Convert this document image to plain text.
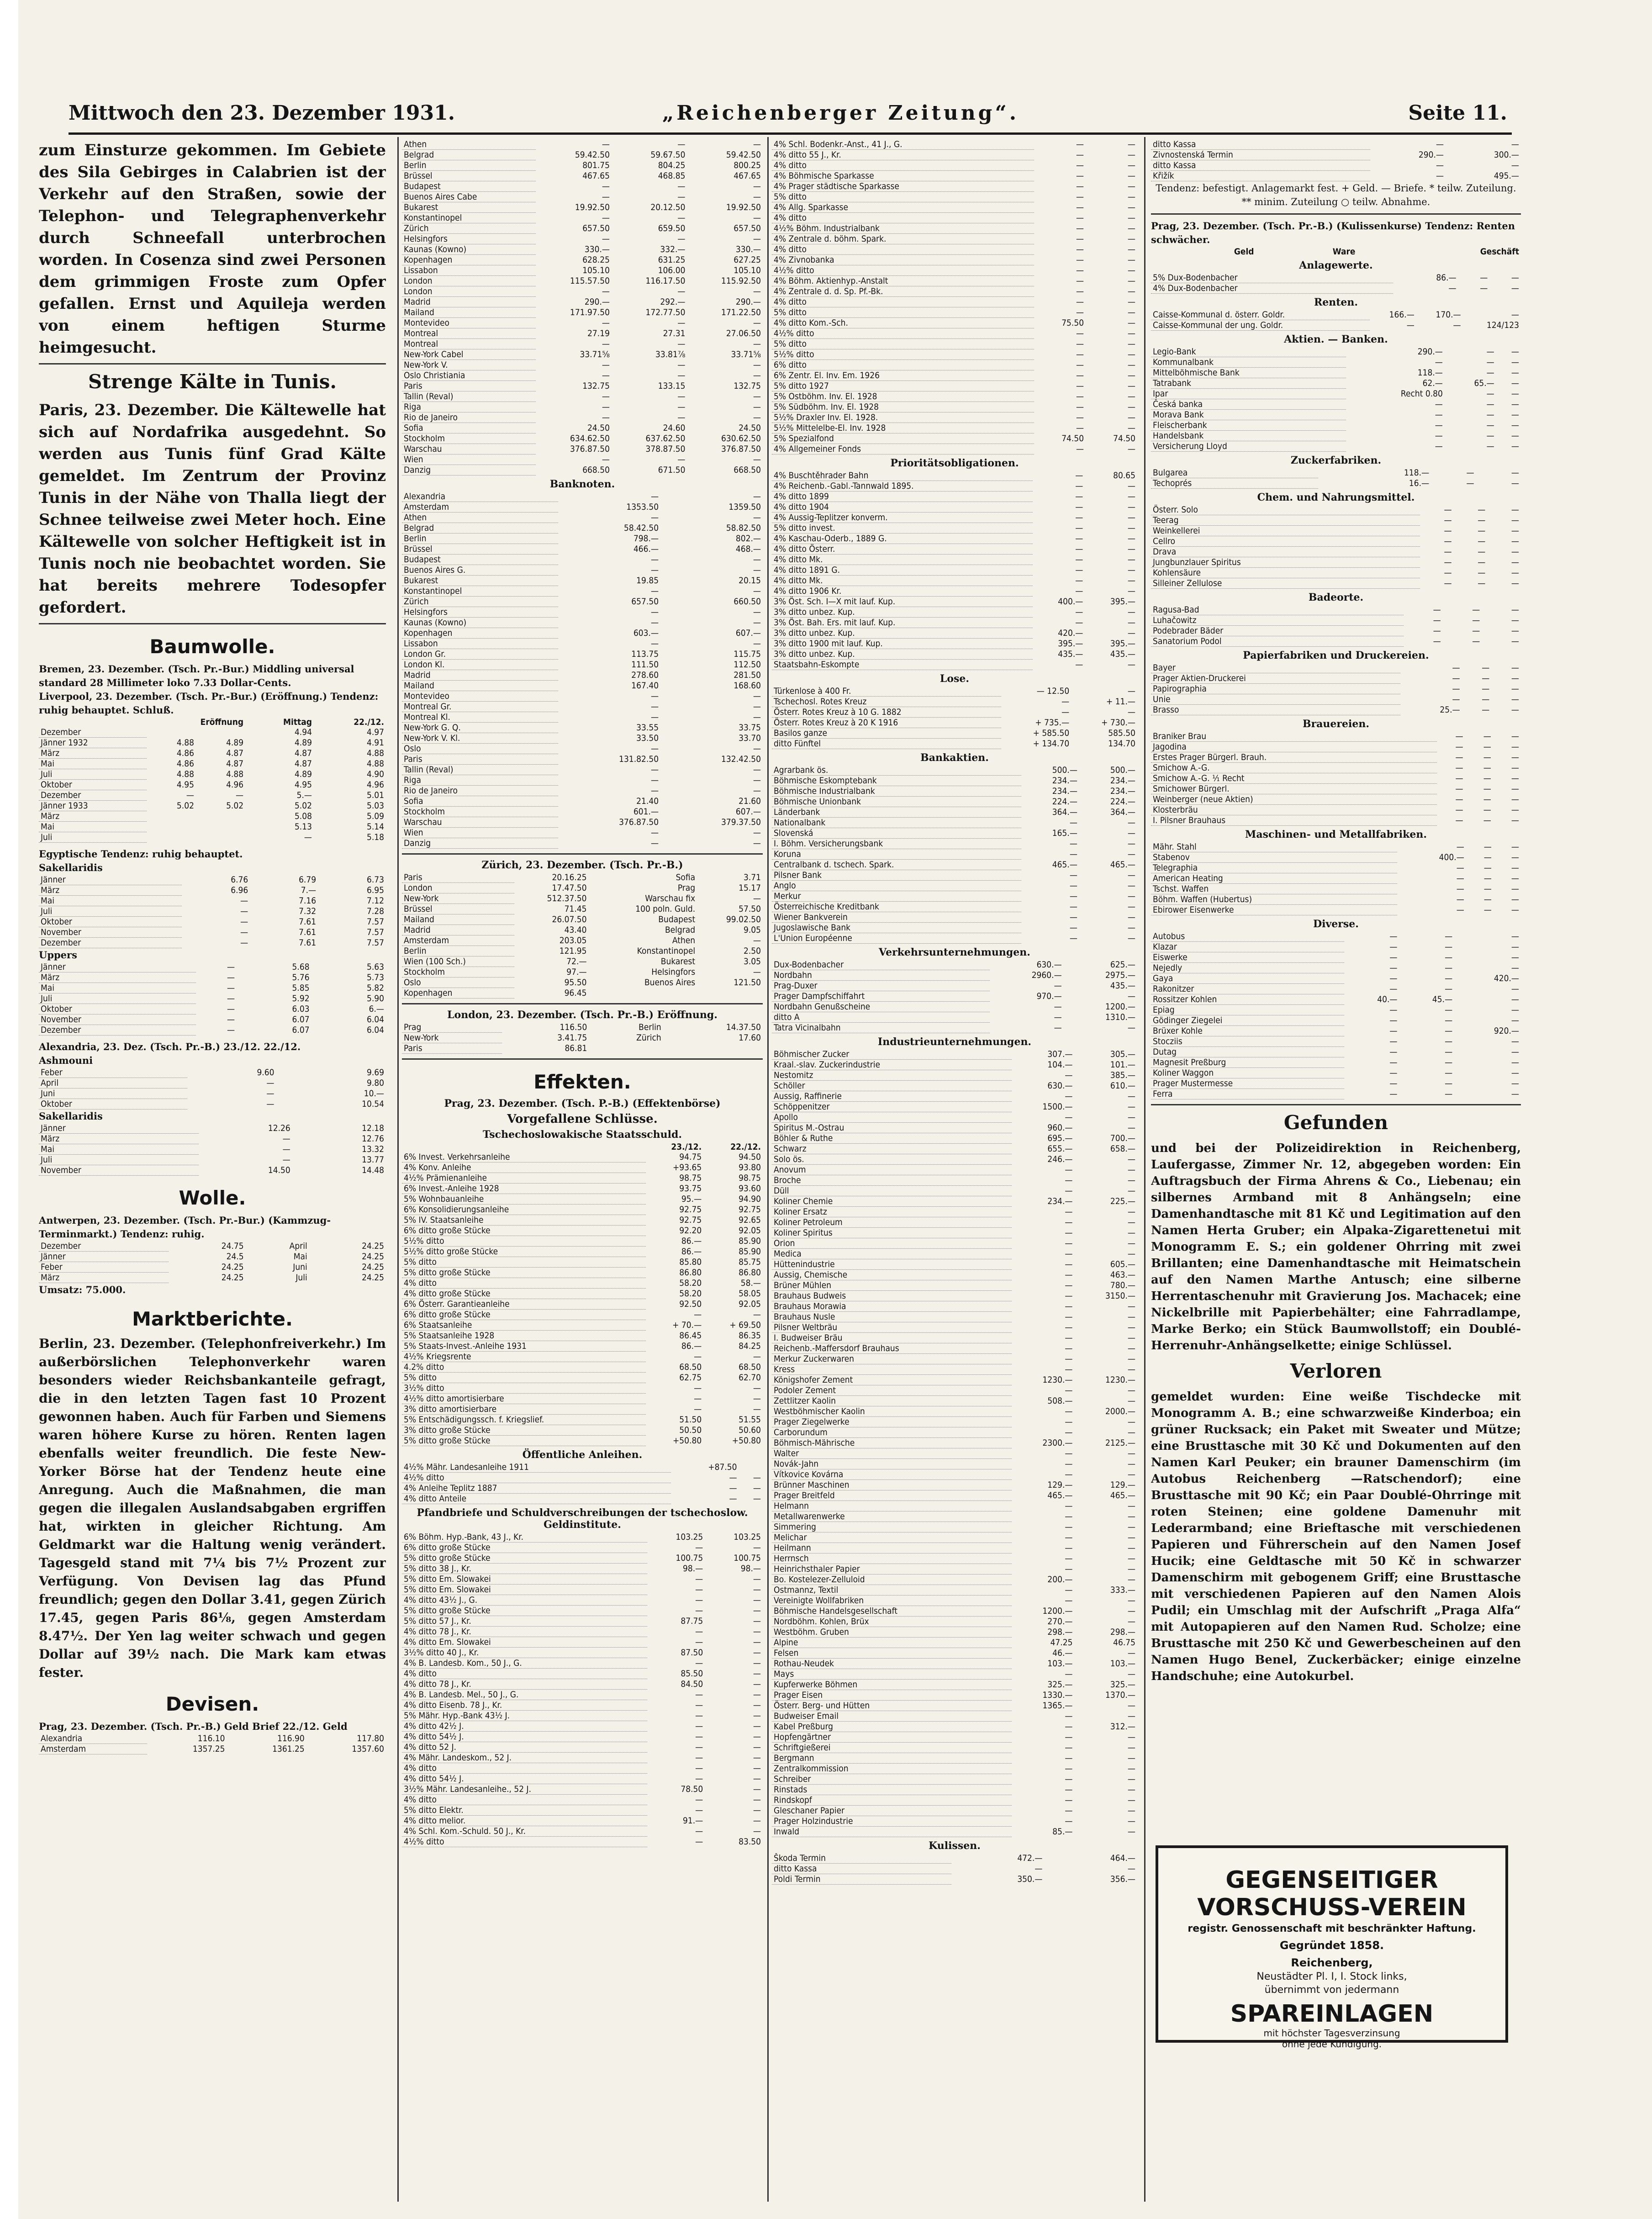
Mittwoch den 23. Dezember 1931.	„Reichenberger Zeitung“.	Seite 11.
zum Einsturze gekommen. Im Gebiete des Sila Gebirges in Calabrien ist der Verkehr auf den Straßen, sowie der Telephon- und Telegraphenverkehr durch Schneefall unterbrochen worden. In Cosenza sind zwei Personen dem grimmigen Froste zum Opfer gefallen. Ernst und Aquileja werden von einem heftigen Sturme heimgesucht.
Strenge Kälte in Tunis.
Paris, 23. Dezember. Die Kältewelle hat sich auf Nordafrika ausgedehnt. So werden aus Tunis fünf Grad Kälte gemeldet. Im Zentrum der Provinz Tunis in der Nähe von Thalla liegt der Schnee teilweise zwei Meter hoch. Eine Kältewelle von solcher Heftigkeit ist in Tunis noch nie beobachtet worden. Sie hat bereits mehrere Todesopfer gefordert.
Baumwolle.
Bremen, 23. Dezember. (Tsch. Pr.-Bur.) Middling universal standard 28 Millimeter loko 7.33 Dollar-Cents.
Liverpool, 23. Dezember. (Tsch. Pr.-Bur.) (Eröffnung.) Tendenz: ruhig behauptet. Schluß.
	Eröffnung		Mittag	22./12.
Dezember			4.94	4.97
Jänner 1932	4.88	4.89	4.89	4.91
März	4.86	4.87	4.87	4.88
Mai	4.86	4.87	4.87	4.88
Juli	4.88	4.88	4.89	4.90
Oktober	4.95	4.96	4.95	4.96
Dezember	—	—	5.—	5.01
Jänner 1933	5.02	5.02	5.02	5.03
März			5.08	5.09
Mai			5.13	5.14
Juli			—	5.18
Egyptische Tendenz: ruhig behauptet.
Sakellaridis
Jänner	6.76	6.79	6.73
März	6.96	7.—	6.95
Mai	—	7.16	7.12
Juli	—	7.32	7.28
Oktober	—	7.61	7.57
November	—	7.61	7.57
Dezember	—	7.61	7.57
Uppers
Jänner	—	5.68	5.63
März	—	5.76	5.73
Mai	—	5.85	5.82
Juli	—	5.92	5.90
Oktober	—	6.03	6.—
November	—	6.07	6.04
Dezember	—	6.07	6.04
Alexandria, 23. Dez. (Tsch. Pr.-B.) 23./12. 22./12.
Ashmouni
Feber	9.60	9.69
April	—	9.80
Juni	—	10.—
Oktober	—	10.54
Sakellaridis
Jänner	12.26	12.18
März	—	12.76
Mai	—	13.32
Juli	—	13.77
November	14.50	14.48
Wolle.
Antwerpen, 23. Dezember. (Tsch. Pr.-Bur.) (Kammzug-Terminmarkt.) Tendenz: ruhig.
Dezember	24.75	April	24.25
Jänner	24.5	Mai	24.25
Feber	24.25	Juni	24.25
März	24.25	Juli	24.25
Umsatz: 75.000.
Marktberichte.
Berlin, 23. Dezember. (Telephonfreiverkehr.) Im außerbörslichen Telephonverkehr waren besonders wieder Reichsbankanteile gefragt, die in den letzten Tagen fast 10 Prozent gewonnen haben. Auch für Farben und Siemens waren höhere Kurse zu hören. Renten lagen ebenfalls weiter freundlich. Die feste New-Yorker Börse hat der Tendenz heute eine Anregung. Auch die Maßnahmen, die man gegen die illegalen Auslandsabgaben ergriffen hat, wirkten in gleicher Richtung. Am Geldmarkt war die Haltung wenig verändert. Tagesgeld stand mit 7¼ bis 7½ Prozent zur Verfügung. Von Devisen lag das Pfund freundlich; gegen den Dollar 3.41, gegen Zürich 17.45, gegen Paris 86⅛, gegen Amsterdam 8.47½. Der Yen lag weiter schwach und gegen Dollar auf 39½ nach. Die Mark kam etwas fester.
Devisen.
Prag, 23. Dezember. (Tsch. Pr.-B.) Geld Brief 22./12. Geld
Alexandria	116.10	116.90	117.80
Amsterdam	1357.25	1361.25	1357.60
Athen	—	—	—
Belgrad	59.42.50	59.67.50	59.42.50
Berlin	801.75	804.25	800.25
Brüssel	467.65	468.85	467.65
Budapest	—	—	—
Buenos Aires Cabe	—	—	—
Bukarest	19.92.50	20.12.50	19.92.50
Konstantinopel	—	—	—
Zürich	657.50	659.50	657.50
Helsingfors	—	—	—
Kaunas (Kowno)	330.—	332.—	330.—
Kopenhagen	628.25	631.25	627.25
Lissabon	105.10	106.00	105.10
London	115.57.50	116.17.50	115.92.50
London	—	—	—
Madrid	290.—	292.—	290.—
Mailand	171.97.50	172.77.50	171.22.50
Montevideo	—	—	—
Montreal	27.19	27.31	27.06.50
Montreal	—	—	—
New-York Cabel	33.71⅝	33.81⅞	33.71⅝
New-York V.	—	—	—
Oslo Christiania	—	—	—
Paris	132.75	133.15	132.75
Tallin (Reval)	—	—	—
Riga	—	—	—
Rio de Janeiro	—	—	—
Sofia	24.50	24.60	24.50
Stockholm	634.62.50	637.62.50	630.62.50
Warschau	376.87.50	378.87.50	376.87.50
Wien	—	—	—
Danzig	668.50	671.50	668.50
Banknoten.
Alexandria	—	—
Amsterdam	1353.50	1359.50
Athen	—	—
Belgrad	58.42.50	58.82.50
Berlin	798.—	802.—
Brüssel	466.—	468.—
Budapest	—	—
Buenos Aires G.	—	—
Bukarest	19.85	20.15
Konstantinopel	—	—
Zürich	657.50	660.50
Helsingfors	—	—
Kaunas (Kowno)	—	—
Kopenhagen	603.—	607.—
Lissabon	—	—
London Gr.	113.75	115.75
London Kl.	111.50	112.50
Madrid	278.60	281.50
Mailand	167.40	168.60
Montevideo	—	—
Montreal Gr.	—	—
Montreal Kl.	—	—
New-York G. Q.	33.55	33.75
New-York V. Kl.	33.50	33.70
Oslo	—	—
Paris	131.82.50	132.42.50
Tallin (Reval)	—	—
Riga	—	—
Rio de Janeiro	—	—
Sofia	21.40	21.60
Stockholm	601.—	607.—
Warschau	376.87.50	379.37.50
Wien	—	—
Danzig	—	—
Zürich, 23. Dezember. (Tsch. Pr.-B.)
Paris	20.16.25	Sofia	3.71
London	17.47.50	Prag	15.17
New-York	512.37.50	Warschau fix	—
Brüssel	71.45	100 poln. Guld.	57.50
Mailand	26.07.50	Budapest	99.02.50
Madrid	43.40	Belgrad	9.05
Amsterdam	203.05	Athen	—
Berlin	121.95	Konstantinopel	2.50
Wien (100 Sch.)	72.—	Bukarest	3.05
Stockholm	97.—	Helsingfors	—
Oslo	95.50	Buenos Aires	121.50
Kopenhagen	96.45		
London, 23. Dezember. (Tsch. Pr.-B.) Eröffnung.
Prag	116.50	Berlin	14.37.50
New-York	3.41.75	Zürich	17.60
Paris	86.81		
Effekten.
Prag, 23. Dezember. (Tsch. P.-B.) (Effektenbörse)
Vorgefallene Schlüsse.
Tschechoslowakische Staatsschuld.
	23./12.	22./12.
6% Invest. Verkehrsanleihe	94.75	94.50
4% Konv. Anleihe	+93.65	93.80
4½% Prämienanleihe	98.75	98.75
6% Invest.-Anleihe 1928	93.75	93.60
5% Wohnbauanleihe	95.—	94.90
6% Konsolidierungsanleihe	92.75	92.75
5% IV. Staatsanleihe	92.75	92.65
6% ditto große Stücke	92.20	92.05
5½% ditto	86.—	85.90
5½% ditto große Stücke	86.—	85.90
5% ditto	85.80	85.75
5% ditto große Stücke	86.80	86.80
4% ditto	58.20	58.—
4% ditto große Stücke	58.20	58.05
6% Österr. Garantieanleihe	92.50	92.05
6% ditto große Stücke	—	—
6% Staatsanleihe	+ 70.—	+ 69.50
5% Staatsanleihe 1928	86.45	86.35
5% Staats-Invest.-Anleihe 1931	86.—	84.25
4½% Kriegsrente	—	—
4.2% ditto	68.50	68.50
5% ditto	62.75	62.70
3½% ditto	—	—
4½% ditto amortisierbare	—	—
3% ditto amortisierbare	—	—
5% Entschädigungssch. f. Kriegslief.	51.50	51.55
3% ditto große Stücke	50.50	50.60
5% ditto große Stücke	+50.80	+50.80
Öffentliche Anleihen.
4½% Mähr. Landesanleihe 1911	+87.50	
4½% ditto	—	—
4% Anleihe Teplitz 1887	—	—
4% ditto Anteile	—	—
Pfandbriefe und Schuldverschreibungen der tschechoslow. Geldinstitute.
6% Böhm. Hyp.-Bank, 43 J., Kr.	103.25	103.25
6% ditto große Stücke	—	—
5% ditto große Stücke	100.75	100.75
5% ditto 38 J., Kr.	98.—	98.—
5% ditto Em. Slowakei	—	—
5% ditto Em. Slowakei	—	—
4% ditto 43½ J., G.	—	—
5% ditto große Stücke	—	—
5% ditto 57 J., Kr.	87.75	—
4% ditto 78 J., Kr.	—	—
4% ditto Em. Slowakei	—	—
3½% ditto 40 J., Kr.	87.50	—
4% B. Landesb. Kom., 50 J., G.	—	—
4% ditto	85.50	—
4% ditto 78 J., Kr.	84.50	—
4% B. Landesb. Mel., 50 J., G.	—	—
4% ditto Eisenb. 78 J., Kr.	—	—
5% Mähr. Hyp.-Bank 43½ J.	—	—
4% ditto 42½ J.	—	—
4% ditto 54½ J.	—	—
4% ditto 52 J.	—	—
4% Mähr. Landeskom., 52 J.	—	—
4% ditto	—	—
4% ditto 54½ J.	—	—
3½% Mähr. Landesanleihe., 52 J.	78.50	—
4% ditto	—	—
5% ditto Elektr.	—	—
4% ditto melior.	91.—	—
4% Schl. Kom.-Schuld. 50 J., Kr.	—	—
4½% ditto	—	83.50
4% Schl. Bodenkr.-Anst., 41 J., G.	—	—
4% ditto 55 J., Kr.	—	—
4% ditto	—	—
4% Böhmische Sparkasse	—	—
4% Prager städtische Sparkasse	—	—
5% ditto	—	—
4% Allg. Sparkasse	—	—
4% ditto	—	—
4½% Böhm. Industrialbank	—	—
4% Zentrale d. böhm. Spark.	—	—
4% ditto	—	—
4% Zivnobanka	—	—
4½% ditto	—	—
4% Böhm. Aktienhyp.-Anstalt	—	—
4% Zentrale d. d. Sp. Pf.-Bk.	—	—
4% ditto	—	—
5% ditto	—	—
4% ditto Kom.-Sch.	75.50	—
4½% ditto	—	—
5% ditto	—	—
5½% ditto	—	—
6% ditto	—	—
6% Zentr. El. Inv. Em. 1926	—	—
5% ditto 1927	—	—
5% Ostböhm. Inv. El. 1928	—	—
5% Südböhm. Inv. El. 1928	—	—
5½% Draxler Inv. El. 1928.	—	—
5½% Mittelelbe-El. Inv. 1928	—	—
5% Spezialfond	74.50	74.50
4% Allgemeiner Fonds	—	—
Prioritätsobligationen.
4% Buschtěhrader Bahn	—	80.65
4% Reichenb.-Gabl.-Tannwald 1895.	—	—
4% ditto 1899	—	—
4% ditto 1904	—	—
4% Aussig-Teplitzer konverm.	—	—
5% ditto invest.	—	—
4% Kaschau-Oderb., 1889 G.	—	—
4% ditto Österr.	—	—
4% ditto Mk.	—	—
4% ditto 1891 G.	—	—
4% ditto Mk.	—	—
4% ditto 1906 Kr.	—	—
3% Öst. Sch. I—X mit lauf. Kup.	400.—	395.—
3% ditto unbez. Kup.	—	—
3% Öst. Bah. Ers. mit lauf. Kup.	—	—
3% ditto unbez. Kup.	420.—	—
3% ditto 1900 mit lauf. Kup.	395.—	395.—
3% ditto unbez. Kup.	435.—	435.—
Staatsbahn-Eskompte	—	—
Lose.
Türkenlose à 400 Fr.	— 12.50	—
Tschechosl. Rotes Kreuz	—	+ 11.—
Österr. Rotes Kreuz à 10 G. 1882	—	—
Österr. Rotes Kreuz à 20 K 1916	+ 735.—	+ 730.—
Basilos ganze	+ 585.50	585.50
ditto Fünftel	+ 134.70	134.70
Bankaktien.
Agrarbank ös.	500.—	500.—
Böhmische Eskomptebank	234.—	234.—
Böhmische Industrialbank	234.—	234.—
Böhmische Unionbank	224.—	224.—
Länderbank	364.—	364.—
Nationalbank	—	—
Slovenská	165.—	—
I. Böhm. Versicherungsbank	—	—
Koruna	—	—
Centralbank d. tschech. Spark.	465.—	465.—
Pilsner Bank	—	—
Anglo	—	—
Merkur	—	—
Österreichische Kreditbank	—	—
Wiener Bankverein	—	—
Jugoslawische Bank	—	—
L'Union Européenne	—	—
Verkehrsunternehmungen.
Dux-Bodenbacher	630.—	625.—
Nordbahn	2960.—	2975.—
Prag-Duxer	—	435.—
Prager Dampfschiffahrt	970.—	—
Nordbahn Genußscheine	—	1200.—
ditto A	—	1310.—
Tatra Vicinalbahn	—	—
Industrieunternehmungen.
Böhmischer Zucker	307.—	305.—
Kraal.-slav. Zuckerindustrie	104.—	101.—
Nestomitz	—	385.—
Schöller	630.—	610.—
Aussig, Raffinerie	—	—
Schöppenitzer	1500.—	—
Apollo	—	—
Spiritus M.-Ostrau	960.—	—
Böhler & Ruthe	695.—	700.—
Schwarz	655.—	658.—
Solo ös.	246.—	—
Anovum	—	—
Broche	—	—
Düll	—	—
Koliner Chemie	234.—	225.—
Koliner Ersatz	—	—
Koliner Petroleum	—	—
Koliner Spiritus	—	—
Orion	—	—
Medica	—	—
Hüttenindustrie	—	605.—
Aussig, Chemische	—	463.—
Brüner Mühlen	—	780.—
Brauhaus Budweis	—	3150.—
Brauhaus Morawia	—	—
Brauhaus Nusle	—	—
Pilsner Weltbräu	—	—
I. Budweiser Bräu	—	—
Reichenb.-Maffersdorf Brauhaus	—	—
Merkur Zuckerwaren	—	—
Kress	—	—
Königshofer Zement	1230.—	1230.—
Podoler Zement	—	—
Zettlitzer Kaolin	508.—	—
Westböhmischer Kaolin	—	2000.—
Prager Ziegelwerke	—	—
Carborundum	—	—
Böhmisch-Mährische	2300.—	2125.—
Walter	—	—
Novák-Jahn	—	—
Vítkovice Kovárna	—	—
Brünner Maschinen	129.—	129.—
Prager Breitfeld	465.—	465.—
Helmann	—	—
Metallwarenwerke	—	—
Simmering	—	—
Melichar	—	—
Heilmann	—	—
Herrnsch	—	—
Heinrichsthaler Papier	—	—
Bo. Kostelezer-Zelluloid	200.—	—
Ostmannz, Textil	—	333.—
Vereinigte Wollfabriken	—	—
Böhmische Handelsgesellschaft	1200.—	—
Nordböhm. Kohlen, Brüx	270.—	—
Westböhm. Gruben	298.—	298.—
Alpine	47.25	46.75
Felsen	46.—	—
Rothau-Neudek	103.—	103.—
Mays	—	—
Kupferwerke Böhmen	325.—	325.—
Prager Eisen	1330.—	1370.—
Österr. Berg- und Hütten	1365.—	—
Budweiser Email	—	—
Kabel Preßburg	—	312.—
Hopfengärtner	—	—
Schriftgießerei	—	—
Bergmann	—	—
Zentralkommission	—	—
Schreiber	—	—
Rinstads	—	—
Rindskopf	—	—
Gleschaner Papier	—	—
Prager Holzindustrie	—	—
Inwald	85.—	—
Kulissen.
Škoda Termin	472.—	464.—
ditto Kassa	—	—
Poldi Termin	350.—	356.—
ditto Kassa	—	—
Zivnostenská Termin	290.—	300.—
ditto Kassa	—	—
Křižík	—	495.—
Tendenz: befestigt. Anlagemarkt fest. + Geld. — Briefe. * teilw. Zuteilung. ** minim. Zuteilung ○ teilw. Abnahme.
Prag, 23. Dezember. (Tsch. Pr.-B.) (Kulissenkurse) Tendenz: Renten schwächer.
	Geld	Ware	Geschäft
Anlagewerte.
5% Dux-Bodenbacher	86.—	—	—
4% Dux-Bodenbacher	—	—	—
Renten.
Caisse-Kommunal d. österr. Goldr.	166.—	170.—	—
Caisse-Kommunal der ung. Goldr.	—	—	124/123
Aktien. — Banken.
Legio-Bank	290.—	—	—
Kommunalbank	—	—	—
Mittelböhmische Bank	118.—	—	—
Tatrabank	62.—	65.—	—
Ipar	Recht 0.80	—	—
Česká banka	—	—	—
Morava Bank	—	—	—
Fleischerbank	—	—	—
Handelsbank	—	—	—
Versicherung Lloyd	—	—	—
Zuckerfabriken.
Bulgarea	118.—	—	—
Techoprés	16.—	—	—
Chem. und Nahrungsmittel.
Österr. Solo	—	—	—
Teerag	—	—	—
Weinkellerei	—	—	—
Cellro	—	—	—
Drava	—	—	—
Jungbunzlauer Spiritus	—	—	—
Kohlensäure	—	—	—
Silleiner Zellulose	—	—	—
Badeorte.
Ragusa-Bad	—	—	—
Luhačowitz	—	—	—
Podebrader Bäder	—	—	—
Sanatorium Podol	—	—	—
Papierfabriken und Druckereien.
Bayer	—	—	—
Prager Aktien-Druckerei	—	—	—
Papirographia	—	—	—
Unie	—	—	—
Brasso	25.—	—	—
Brauereien.
Braniker Brau	—	—	—
Jagodina	—	—	—
Erstes Prager Bürgerl. Brauh.	—	—	—
Smichow A.-G.	—	—	—
Smichow A.-G. ⅟₁ Recht	—	—	—
Smichower Bürgerl.	—	—	—
Weinberger (neue Aktien)	—	—	—
Klosterbräu	—	—	—
I. Pilsner Brauhaus	—	—	—
Maschinen- und Metallfabriken.
Mähr. Stahl	—	—	—
Stabenov	400.—	—	—
Telegraphia	—	—	—
American Heating	—	—	—
Tschst. Waffen	—	—	—
Böhm. Waffen (Hubertus)	—	—	—
Ebirower Eisenwerke	—	—	—
Diverse.
Autobus	—	—	—
Klazar	—	—	—
Eiswerke	—	—	—
Nejedly	—	—	—
Gaya	—	—	420.—
Rakonitzer	—	—	—
Rossitzer Kohlen	40.—	45.—	—
Epiag	—	—	—
Gödinger Ziegelei	—	—	—
Brüxer Kohle	—	—	920.—
Stocziis	—	—	—
Dutag	—	—	—
Magnesit Preßburg	—	—	—
Koliner Waggon	—	—	—
Prager Mustermesse	—	—	—
Ferra	—	—	—
Gefunden
und bei der Polizeidirektion in Reichenberg, Laufergasse, Zimmer Nr. 12, abgegeben worden: Ein Auftragsbuch der Firma Ahrens & Co., Liebenau; ein silbernes Armband mit 8 Anhängseln; eine Damenhandtasche mit 81 Kč und Legitimation auf den Namen Herta Gruber; ein Alpaka-Zigarettenetui mit Monogramm E. S.; ein goldener Ohrring mit zwei Brillanten; eine Damenhandtasche mit Heimatschein auf den Namen Marthe Antusch; eine silberne Herrentaschenuhr mit Gravierung Jos. Machacek; eine Nickelbrille mit Papierbehälter; eine Fahrradlampe, Marke Berko; ein Stück Baumwollstoff; ein Doublé-Herrenuhr-Anhängselkette; einige Schlüssel.
Verloren
gemeldet wurden: Eine weiße Tischdecke mit Monogramm A. B.; eine schwarzweiße Kinderboa; ein grüner Rucksack; ein Paket mit Sweater und Mütze; eine Brusttasche mit 30 Kč und Dokumenten auf den Namen Karl Peuker; ein brauner Damenschirm (im Autobus Reichenberg —Ratschendorf); eine Brusttasche mit 90 Kč; ein Paar Doublé-Ohrringe mit roten Steinen; eine goldene Damenuhr mit Lederarmband; eine Brieftasche mit verschiedenen Papieren und Führerschein auf den Namen Josef Hucik; eine Geldtasche mit 50 Kč in schwarzer Damenschirm mit gebogenem Griff; eine Brusttasche mit verschiedenen Papieren auf den Namen Alois Pudil; ein Umschlag mit der Aufschrift „Praga Alfa“ mit Autopapieren auf den Namen Rud. Scholze; eine Brusttasche mit 250 Kč und Gewerbescheinen auf den Namen Hugo Benel, Zuckerbäcker; einige einzelne Handschuhe; eine Autokurbel.
GEGENSEITIGER
VORSCHUSS-VEREIN
registr. Genossenschaft mit beschränkter Haftung.
Gegründet 1858.
Reichenberg,
Neustädter Pl. I, I. Stock links,
übernimmt von jedermann
SPAREINLAGEN
mit höchster Tagesverzinsung
ohne jede Kündigung.
